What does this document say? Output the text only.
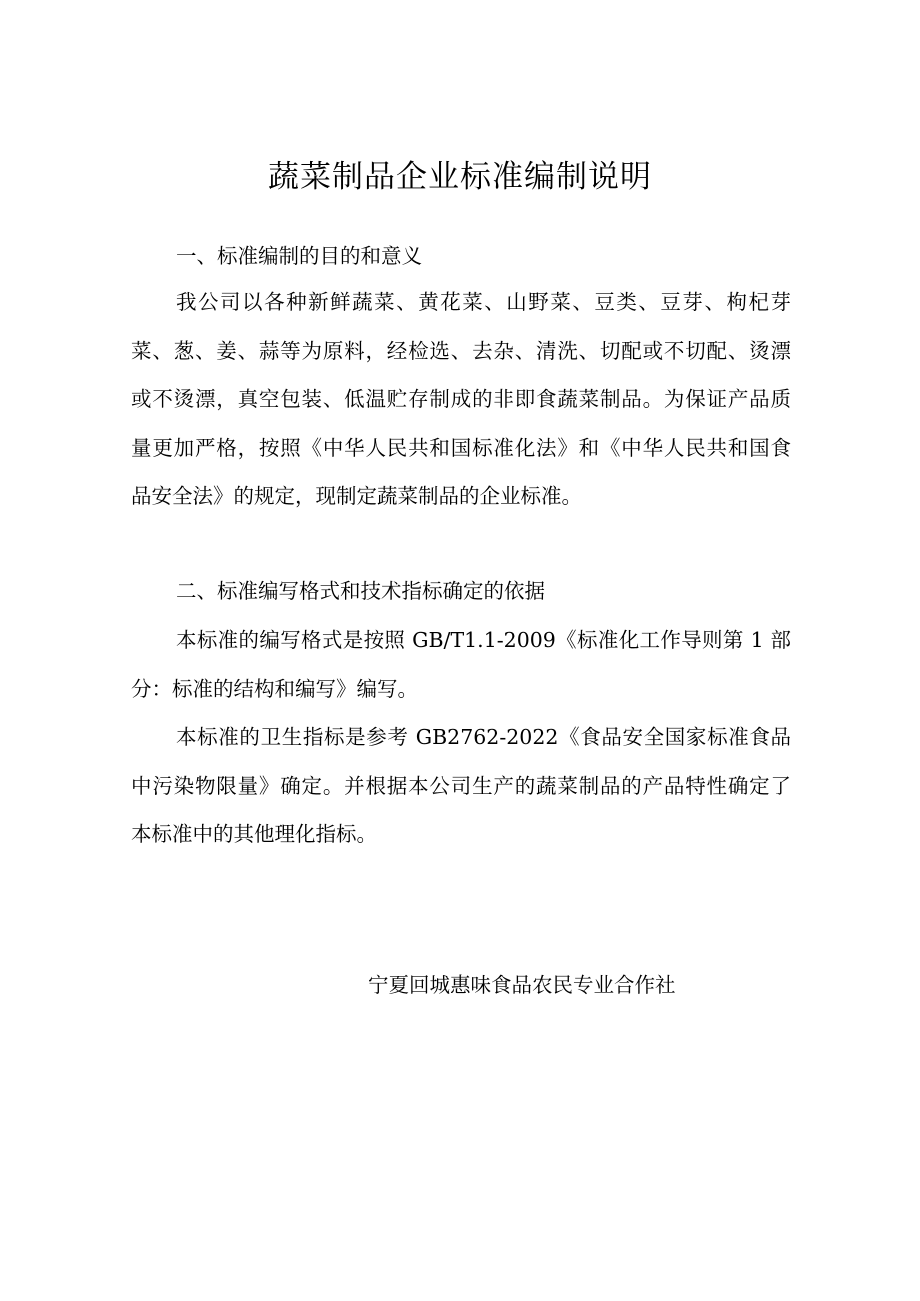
蔬菜制品企业标准编制说明
一、标准编制的目的和意义
我公司以各种新鲜蔬菜、黄花菜、山野菜、豆类、豆芽、枸杞芽
菜、葱、姜、蒜等为原料，经检选、去杂、清洗、切配或不切配、烫漂
或不烫漂，真空包装、低温贮存制成的非即食蔬菜制品。为保证产品质
量更加严格，按照《中华人民共和国标准化法》和《中华人民共和国食
品安全法》的规定，现制定蔬菜制品的企业标准。
二、标准编写格式和技术指标确定的依据
本标准的编写格式是按照 GB/T1.1-2009《标准化工作导则第 1 部
分：标准的结构和编写》编写。
本标准的卫生指标是参考 GB2762-2022《食品安全国家标准食品
中污染物限量》确定。并根据本公司生产的蔬菜制品的产品特性确定了
本标准中的其他理化指标。
宁夏回城惠味食品农民专业合作社
